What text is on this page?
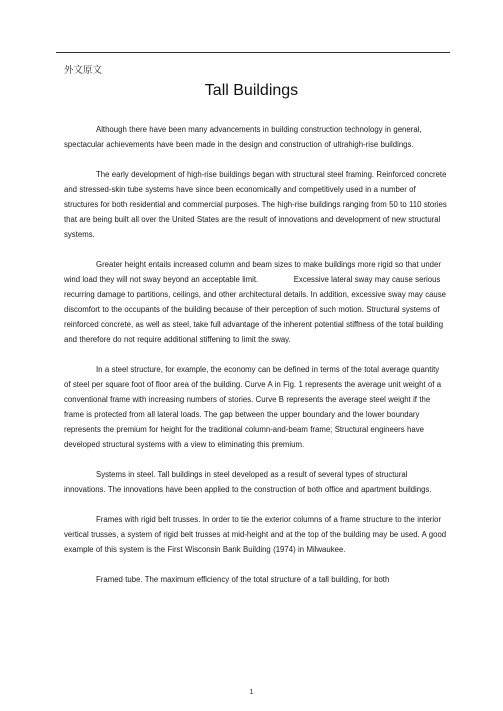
外文原文
Tall Buildings

Although there have been many advancements in building construction technology in general, spectacular achievements have been made in the design and construction of ultrahigh-rise buildings.

The early development of high-rise buildings began with structural steel framing. Reinforced concrete and stressed-skin tube systems have since been economically and competitively used in a number of structures for both residential and commercial purposes. The high-rise buildings ranging from 50 to 110 stories that are being built all over the United States are the result of innovations and development of new structural systems.

Greater height entails increased column and beam sizes to make buildings more rigid so that under wind load they will not sway beyond an acceptable limit.               Excessive lateral sway may cause serious recurring damage to partitions, ceilings, and other architectural details. In addition, excessive sway may cause discomfort to the occupants of the building because of their perception of such motion. Structural systems of reinforced concrete, as well as steel, take full advantage of the inherent potential stiffness of the total building and therefore do not require additional stiffening to limit the sway.

In a steel structure, for example, the economy can be defined in terms of the total average quantity of steel per square foot of floor area of the building. Curve A in Fig. 1 represents the average unit weight of a conventional frame with increasing numbers of stories. Curve B represents the average steel weight if the frame is protected from all lateral loads. The gap between the upper boundary and the lower boundary represents the premium for height for the traditional column-and-beam frame; Structural engineers have developed structural systems with a view to eliminating this premium.

Systems in steel. Tall buildings in steel developed as a result of several types of structural innovations. The innovations have been applied to the construction of both office and apartment buildings.

Frames with rigid belt trusses. In order to tie the exterior columns of a frame structure to the interior vertical trusses, a system of rigid belt trusses at mid-height and at the top of the building may be used. A good example of this system is the First Wisconsin Bank Building (1974) in Milwaukee.

Framed tube. The maximum efficiency of the total structure of a tall building, for both

1
